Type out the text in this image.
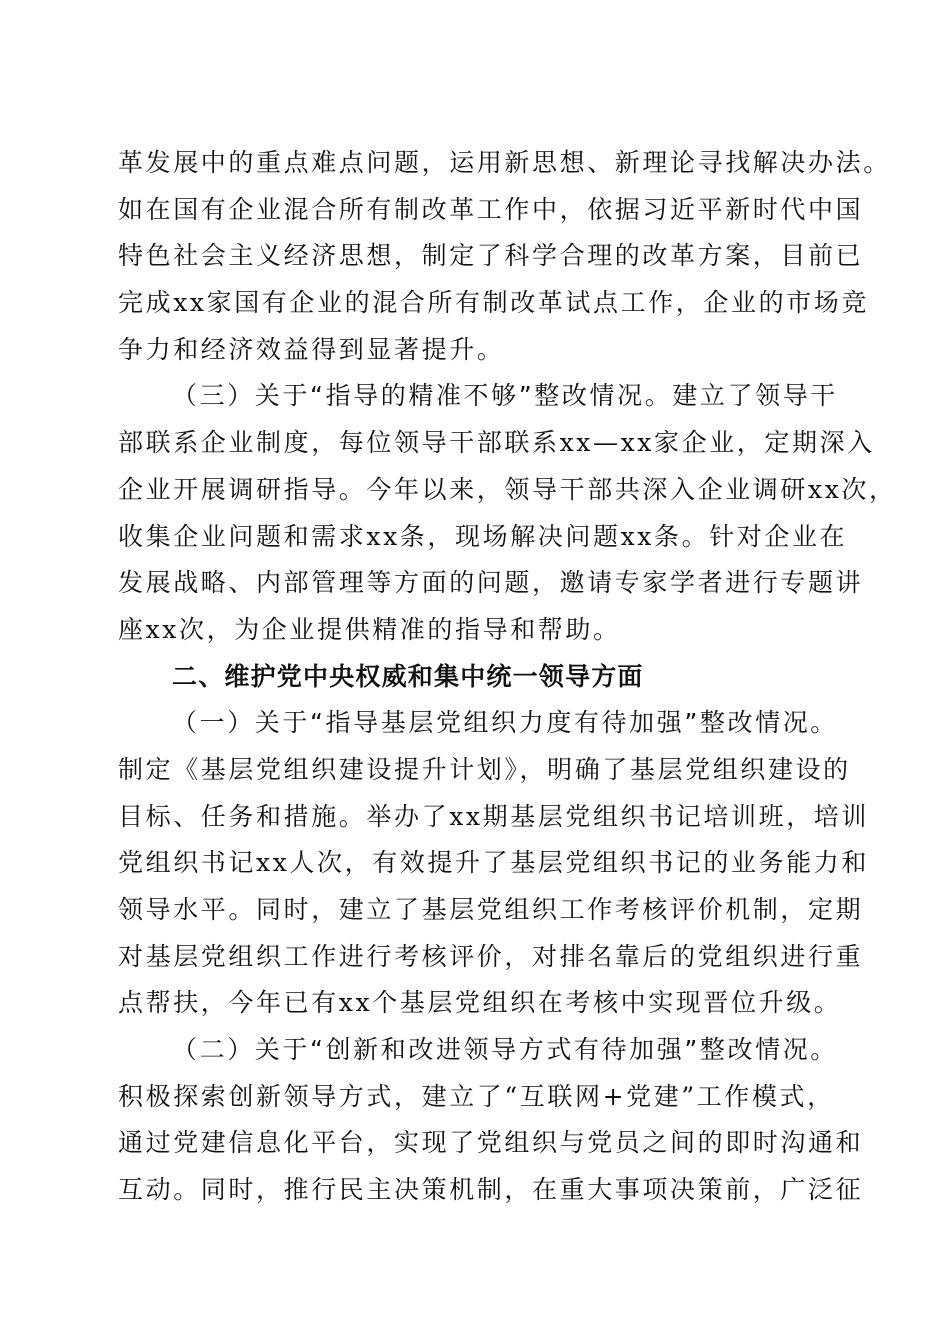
革发展中的重点难点问题，运用新思想、新理论寻找解决办法。
如在国有企业混合所有制改革工作中，依据习近平新时代中国
特色社会主义经济思想，制定了科学合理的改革方案，目前已
完成xx家国有企业的混合所有制改革试点工作，企业的市场竞
争力和经济效益得到显著提升。
（三）关于“指导的精准不够”整改情况。建立了领导干
部联系企业制度，每位领导干部联系xx—xx家企业，定期深入
企业开展调研指导。今年以来，领导干部共深入企业调研xx次，
收集企业问题和需求xx条，现场解决问题xx条。针对企业在
发展战略、内部管理等方面的问题，邀请专家学者进行专题讲
座xx次，为企业提供精准的指导和帮助。
二、维护党中央权威和集中统一领导方面
（一）关于“指导基层党组织力度有待加强”整改情况。
制定《基层党组织建设提升计划》，明确了基层党组织建设的
目标、任务和措施。举办了xx期基层党组织书记培训班，培训
党组织书记xx人次，有效提升了基层党组织书记的业务能力和
领导水平。同时，建立了基层党组织工作考核评价机制，定期
对基层党组织工作进行考核评价，对排名靠后的党组织进行重
点帮扶，今年已有xx个基层党组织在考核中实现晋位升级。
（二）关于“创新和改进领导方式有待加强”整改情况。
积极探索创新领导方式，建立了“互联网+党建”工作模式，
通过党建信息化平台，实现了党组织与党员之间的即时沟通和
互动。同时，推行民主决策机制，在重大事项决策前，广泛征
